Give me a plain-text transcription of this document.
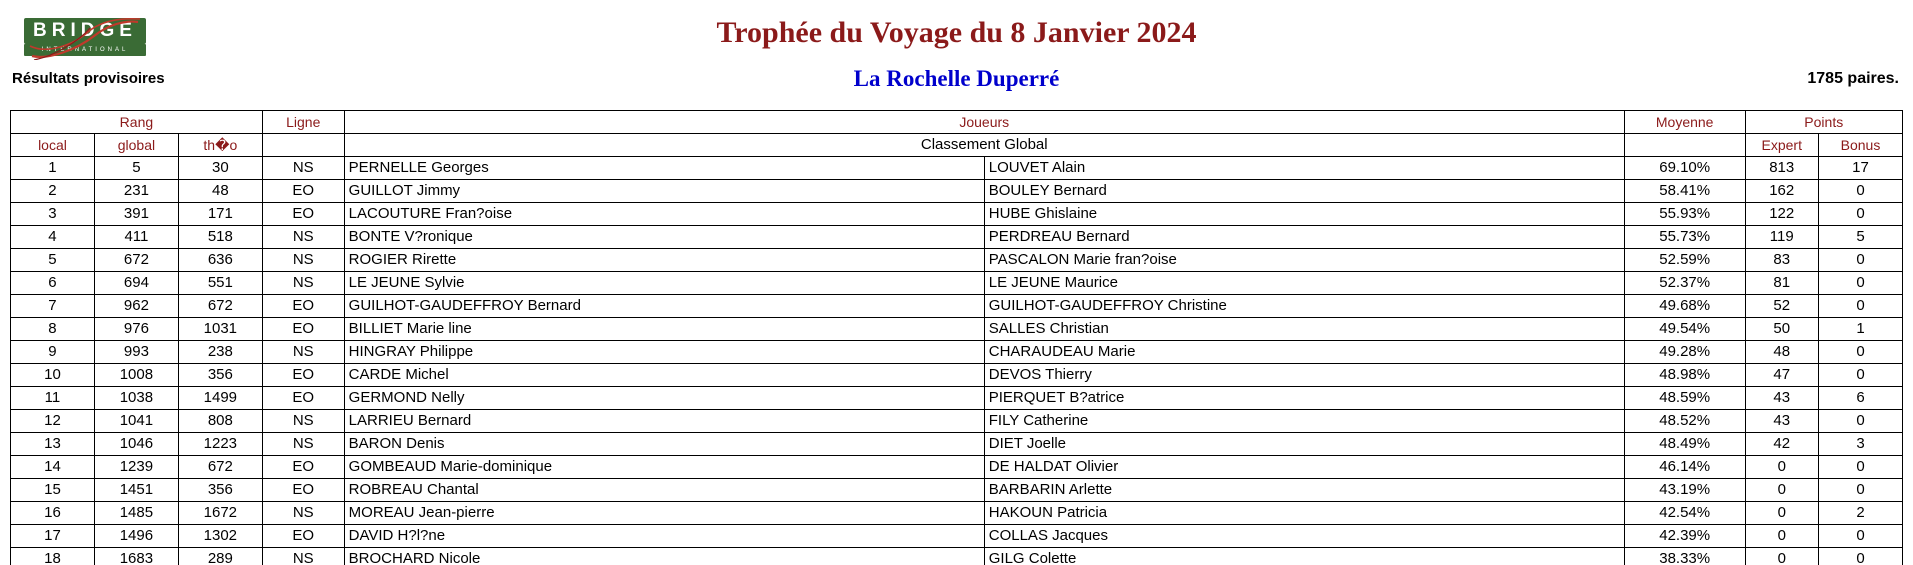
BRIDGE
INTERNATIONAL
Trophée du Voyage du 8 Janvier 2024
Résultats provisoires	La Rochelle Duperré	1785 paires.
Rang			Ligne	Joueurs		Moyenne	Points	
local	global	th�o		Classement Global			Expert	Bonus
1	5	30	NS	PERNELLE Georges	LOUVET Alain	69.10%	813	17
2	231	48	EO	GUILLOT Jimmy	BOULEY Bernard	58.41%	162	0
3	391	171	EO	LACOUTURE Fran?oise	HUBE Ghislaine	55.93%	122	0
4	411	518	NS	BONTE V?ronique	PERDREAU Bernard	55.73%	119	5
5	672	636	NS	ROGIER Rirette	PASCALON Marie fran?oise	52.59%	83	0
6	694	551	NS	LE JEUNE Sylvie	LE JEUNE Maurice	52.37%	81	0
7	962	672	EO	GUILHOT-GAUDEFFROY Bernard	GUILHOT-GAUDEFFROY Christine	49.68%	52	0
8	976	1031	EO	BILLIET Marie line	SALLES Christian	49.54%	50	1
9	993	238	NS	HINGRAY Philippe	CHARAUDEAU Marie	49.28%	48	0
10	1008	356	EO	CARDE Michel	DEVOS Thierry	48.98%	47	0
11	1038	1499	EO	GERMOND Nelly	PIERQUET B?atrice	48.59%	43	6
12	1041	808	NS	LARRIEU Bernard	FILY Catherine	48.52%	43	0
13	1046	1223	NS	BARON Denis	DIET Joelle	48.49%	42	3
14	1239	672	EO	GOMBEAUD Marie-dominique	DE HALDAT Olivier	46.14%	0	0
15	1451	356	EO	ROBREAU Chantal	BARBARIN Arlette	43.19%	0	0
16	1485	1672	NS	MOREAU Jean-pierre	HAKOUN Patricia	42.54%	0	2
17	1496	1302	EO	DAVID H?l?ne	COLLAS Jacques	42.39%	0	0
18	1683	289	NS	BROCHARD Nicole	GILG Colette	38.33%	0	0
